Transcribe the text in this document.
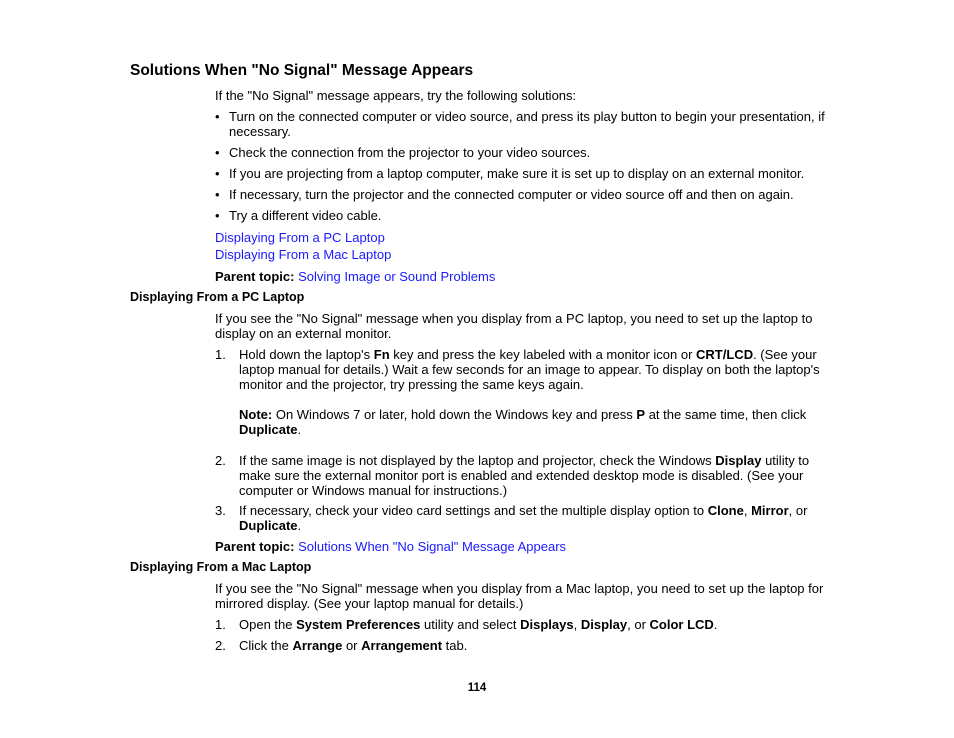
Solutions When "No Signal" Message Appears
If the "No Signal" message appears, try the following solutions:
• Turn on the connected computer or video source, and press its play button to begin your presentation, if necessary.
• Check the connection from the projector to your video sources.
• If you are projecting from a laptop computer, make sure it is set up to display on an external monitor.
• If necessary, turn the projector and the connected computer or video source off and then on again.
• Try a different video cable.
Displaying From a PC Laptop
Displaying From a Mac Laptop
Parent topic: Solving Image or Sound Problems
Displaying From a PC Laptop
If you see the "No Signal" message when you display from a PC laptop, you need to set up the laptop to display on an external monitor.
1. Hold down the laptop's Fn key and press the key labeled with a monitor icon or CRT/LCD. (See your laptop manual for details.) Wait a few seconds for an image to appear. To display on both the laptop's monitor and the projector, try pressing the same keys again.
Note: On Windows 7 or later, hold down the Windows key and press P at the same time, then click Duplicate.
2. If the same image is not displayed by the laptop and projector, check the Windows Display utility to make sure the external monitor port is enabled and extended desktop mode is disabled. (See your computer or Windows manual for instructions.)
3. If necessary, check your video card settings and set the multiple display option to Clone, Mirror, or Duplicate.
Parent topic: Solutions When "No Signal" Message Appears
Displaying From a Mac Laptop
If you see the "No Signal" message when you display from a Mac laptop, you need to set up the laptop for mirrored display. (See your laptop manual for details.)
1. Open the System Preferences utility and select Displays, Display, or Color LCD.
2. Click the Arrange or Arrangement tab.
114
